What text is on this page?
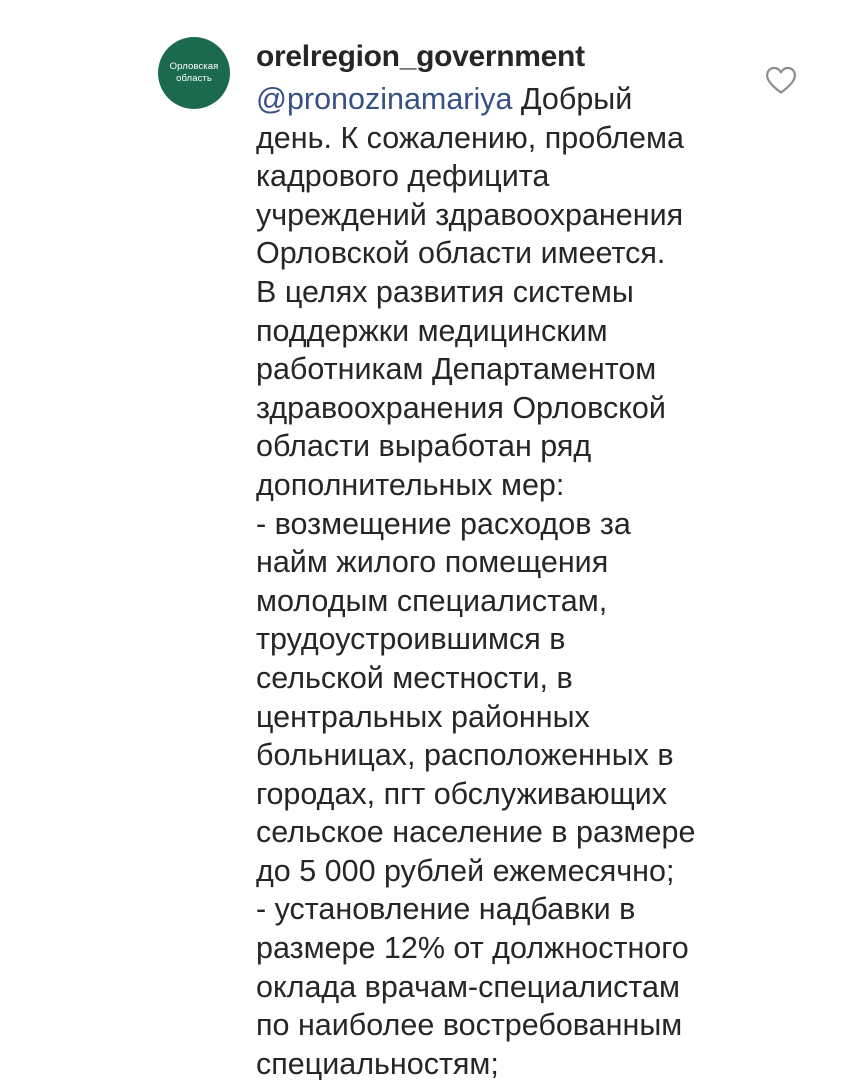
Орловская
область
orelregion_government
@pronozinamariya Добрый
день. К сожалению, проблема
кадрового дефицита
учреждений здравоохранения
Орловской области имеется.
В целях развития системы
поддержки медицинским
работникам Департаментом
здравоохранения Орловской
области выработан ряд
дополнительных мер:
- возмещение расходов за
найм жилого помещения
молодым специалистам,
трудоустроившимся в
сельской местности, в
центральных районных
больницах, расположенных в
городах, пгт обслуживающих
сельское население в размере
до 5 000 рублей ежемесячно;
- установление надбавки в
размере 12% от должностного
оклада врачам-специалистам
по наиболее востребованным
специальностям;
